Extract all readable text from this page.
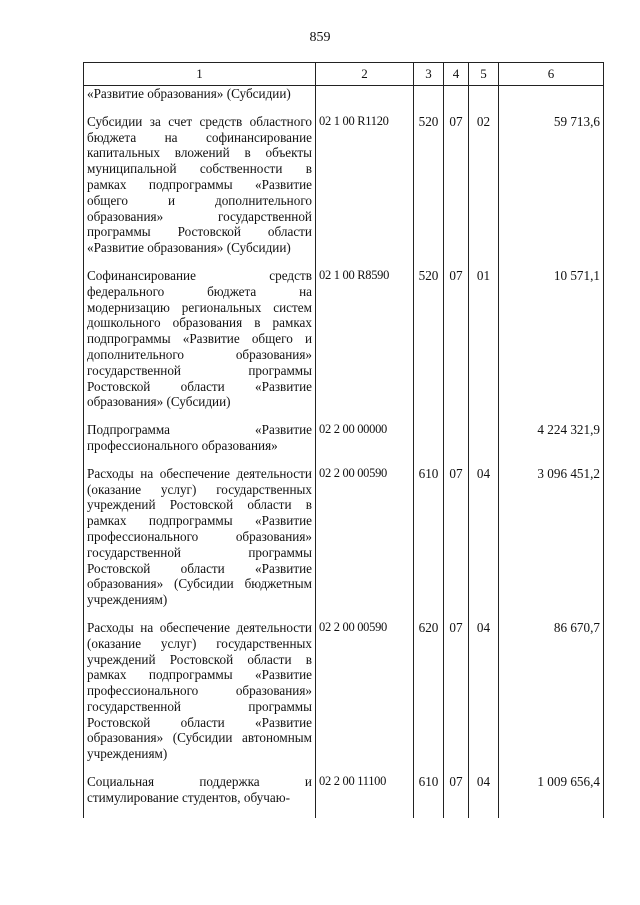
859
1	2	3	4	5	6
«Развитие образования» (Субсидии)					
Субсидии за счет средств областного бюджета на софинансирование капитальных вложений в объекты муниципальной собственности в рамках подпрограммы «Развитие общего и дополнительного образования» государственной программы Ростовской области «Развитие образования» (Субсидии)	02 1 00 R1120	520	07	02	59 713,6
Софинансирование средств федерального бюджета на модернизацию региональных систем дошкольного образования в рамках подпрограммы «Развитие общего и дополнительного образования» государственной программы Ростовской области «Развитие образования» (Субсидии)	02 1 00 R8590	520	07	01	10 571,1
Подпрограмма «Развитие профессионального образования»	02 2 00 00000				4 224 321,9
Расходы на обеспечение деятельности (оказание услуг) государственных учреждений Ростовской области в рамках подпрограммы «Развитие профессионального образования» государственной программы Ростовской области «Развитие образования» (Субсидии бюджетным учреждениям)	02 2 00 00590	610	07	04	3 096 451,2
Расходы на обеспечение деятельности (оказание услуг) государственных учреждений Ростовской области в рамках подпрограммы «Развитие профессионального образования» государственной программы Ростовской области «Развитие образования» (Субсидии автономным учреждениям)	02 2 00 00590	620	07	04	86 670,7
Социальная поддержка и стимулирование студентов, обучаю-	02 2 00 11100	610	07	04	1 009 656,4
